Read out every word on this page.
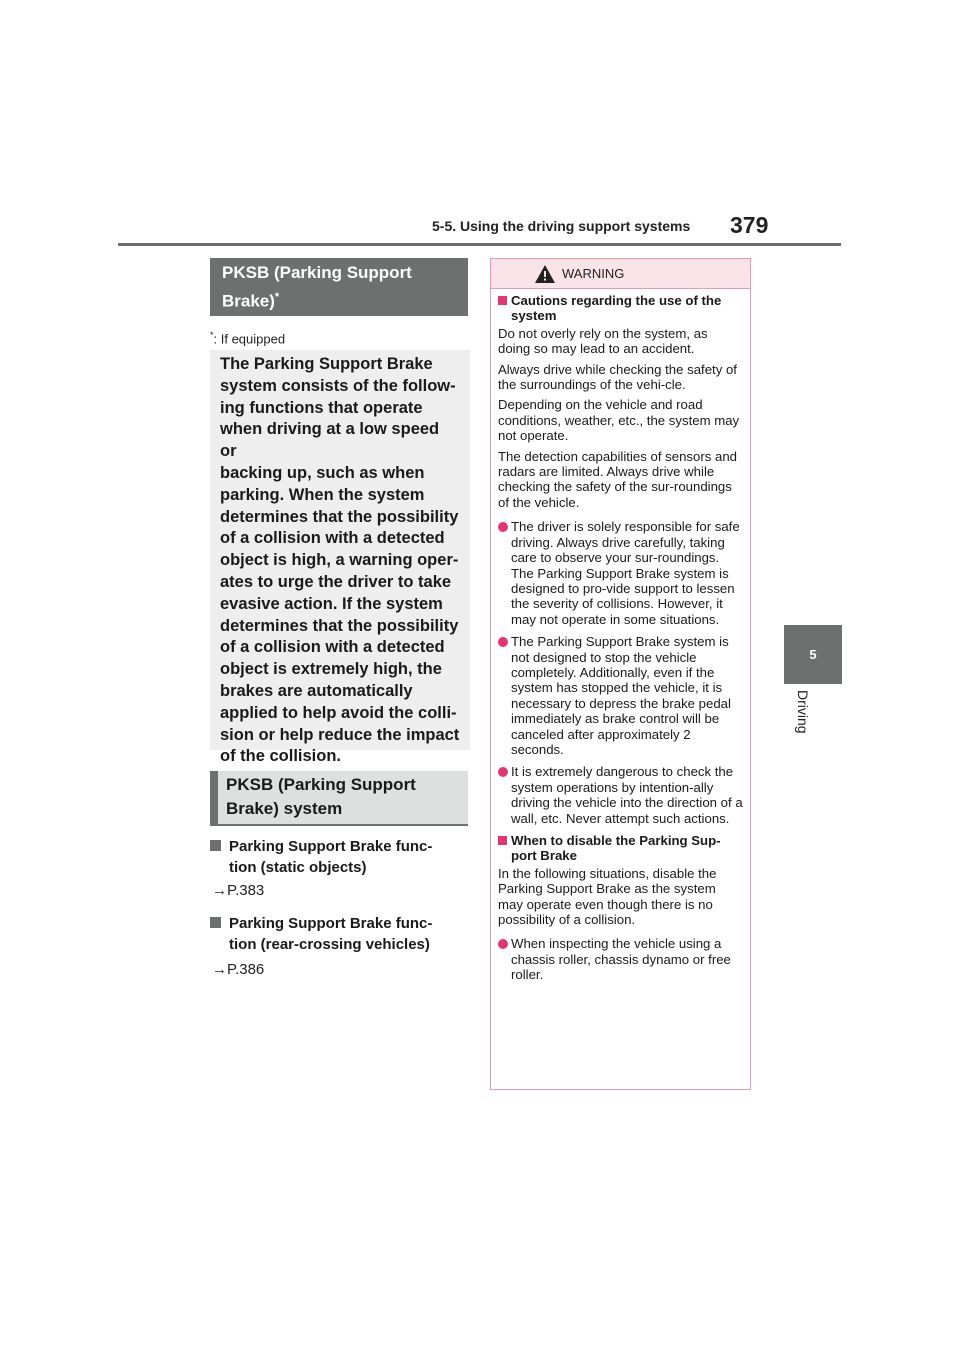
5-5. Using the driving support systems 379
5
Driving
PKSB (Parking Support
Brake)*
*: If equipped

The Parking Support Brake

system consists of the follow-

ing functions that operate

when driving at a low speed or

backing up, such as when

parking. When the system

determines that the possibility

of a collision with a detected

object is high, a warning oper-

ates to urge the driver to take

evasive action. If the system

determines that the possibility

of a collision with a detected

object is extremely high, the

brakes are automatically

applied to help avoid the colli-

sion or help reduce the impact

of the collision.

PKSB (Parking Support
Brake) system
Parking Support Brake func-
tion (static objects)
→P.383
Parking Support Brake func-
tion (rear-crossing vehicles)
→P.386
WARNING
Cautions regarding the use of the system

Do not overly rely on the system, as doing so may lead to an accident.

Always drive while checking the safety of the surroundings of the vehi-cle.

Depending on the vehicle and road conditions, weather, etc., the system may not operate.

The detection capabilities of sensors and radars are limited. Always drive while checking the safety of the sur-roundings of the vehicle.

The driver is solely responsible for safe driving. Always drive carefully, taking care to observe your sur-roundings. The Parking Support Brake system is designed to pro-vide support to lessen the severity of collisions. However, it may not operate in some situations.
The Parking Support Brake system is not designed to stop the vehicle completely. Additionally, even if the system has stopped the vehicle, it is necessary to depress the brake pedal immediately as brake control will be canceled after approximately 2 seconds.
It is extremely dangerous to check the system operations by intention-ally driving the vehicle into the direction of a wall, etc. Never attempt such actions.
When to disable the Parking Sup-port Brake

In the following situations, disable the Parking Support Brake as the system may operate even though there is no possibility of a collision.

When inspecting the vehicle using a chassis roller, chassis dynamo or free roller.
